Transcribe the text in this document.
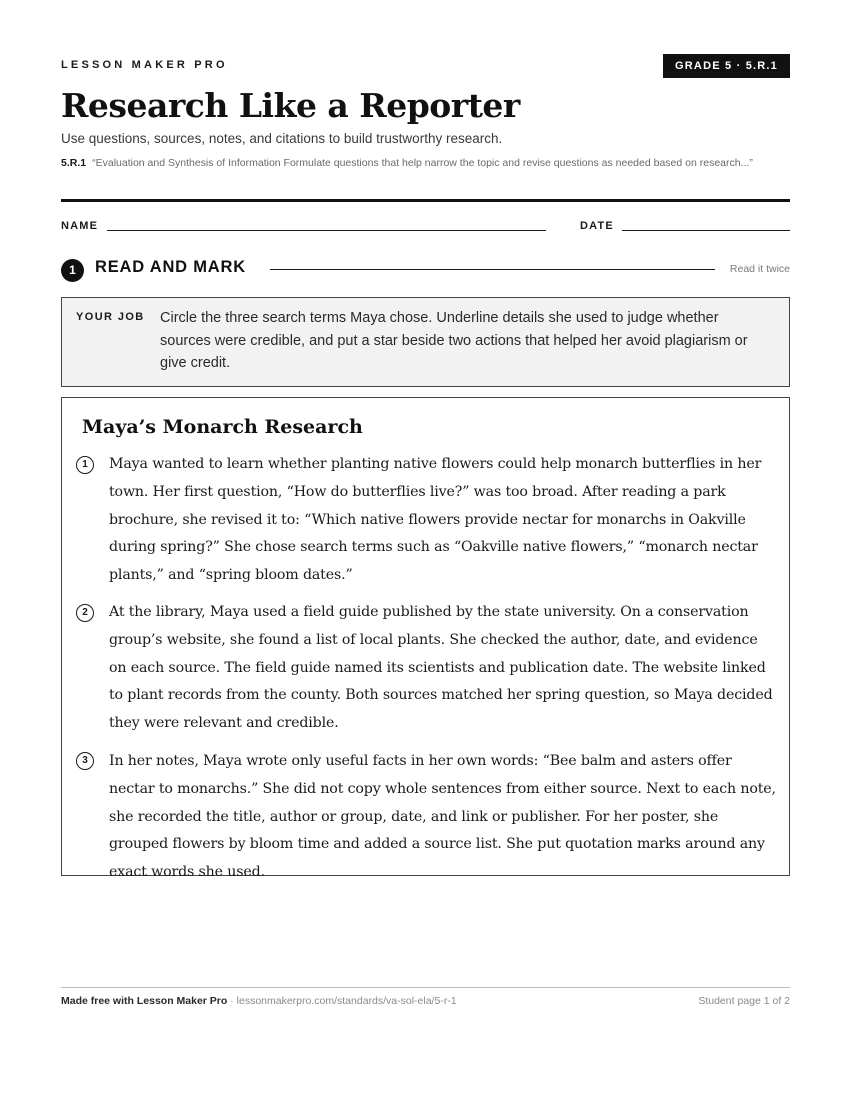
LESSON MAKER PRO	GRADE 5 · 5.R.1
Research Like a Reporter
Use questions, sources, notes, and citations to build trustworthy research.
5.R.1 “Evaluation and Synthesis of Information Formulate questions that help narrow the topic and revise questions as needed based on research...”
NAME	DATE
1	READ AND MARK	Read it twice
YOUR JOB Circle the three search terms Maya chose. Underline details she used to judge whether sources were credible, and put a star beside two actions that helped her avoid plagiarism or give credit.
Maya’s Monarch Research
1	Maya wanted to learn whether planting native flowers could help monarch butterflies in her town. Her first question, “How do butterflies live?” was too broad. After reading a park brochure, she revised it to: “Which native flowers provide nectar for monarchs in Oakville during spring?” She chose search terms such as “Oakville native flowers,” “monarch nectar plants,” and “spring bloom dates.”
2	At the library, Maya used a field guide published by the state university. On a conservation group’s website, she found a list of local plants. She checked the author, date, and evidence on each source. The field guide named its scientists and publication date. The website linked to plant records from the county. Both sources matched her spring question, so Maya decided they were relevant and credible.
3	In her notes, Maya wrote only useful facts in her own words: “Bee balm and asters offer nectar to monarchs.” She did not copy whole sentences from either source. Next to each note, she recorded the title, author or group, date, and link or publisher. For her poster, she grouped flowers by bloom time and added a source list. She put quotation marks around any exact words she used.
Made free with Lesson Maker Pro · lessonmakerpro.com/standards/va-sol-ela/5-r-1	Student page 1 of 2
